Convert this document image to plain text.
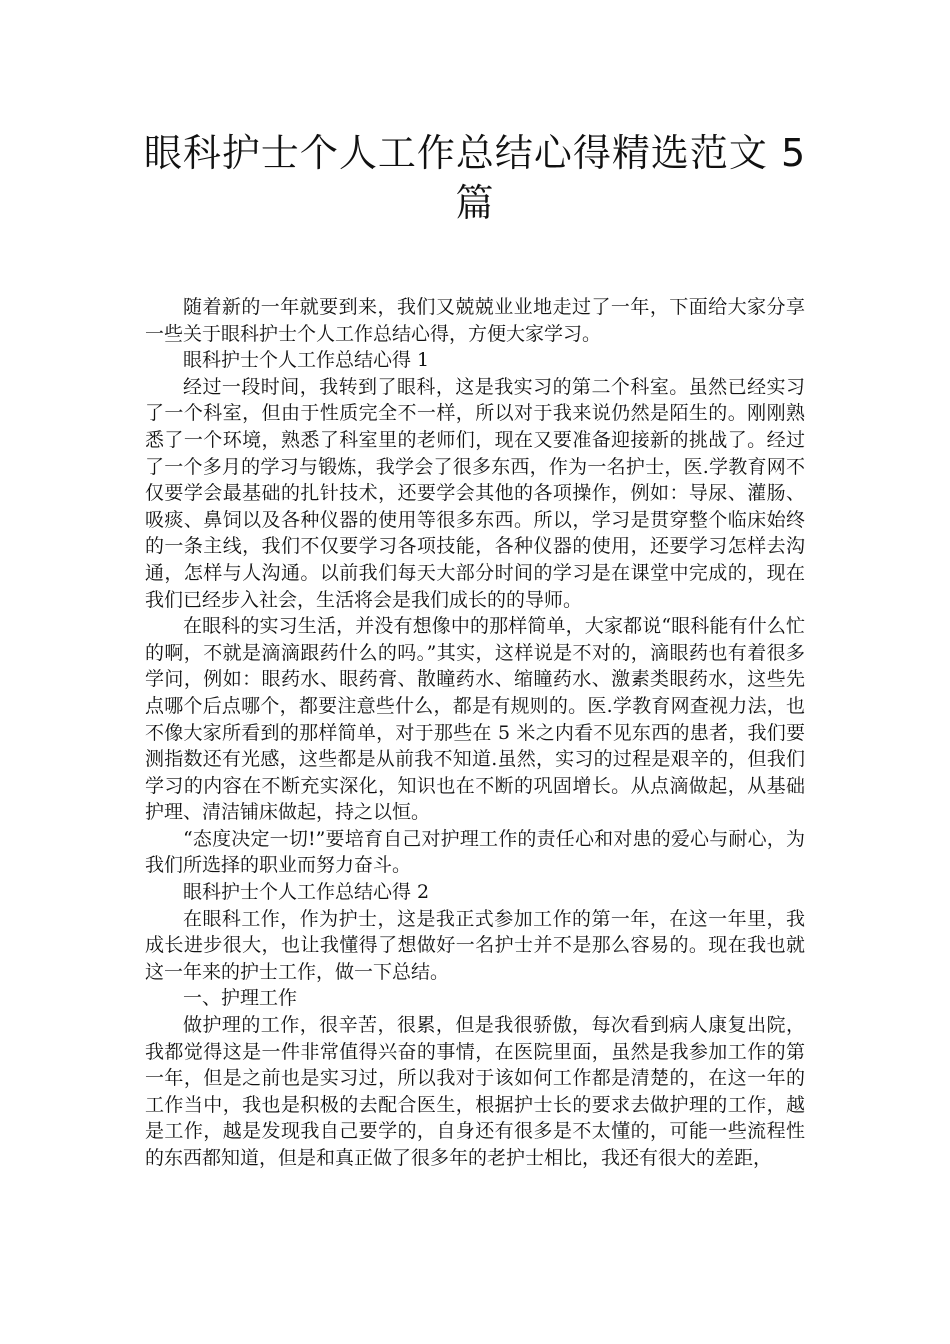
眼科护士个人工作总结心得精选范文 5 篇

随着新的一年就要到来，我们又兢兢业业地走过了一年，下面给大家分享一些关于眼科护士个人工作总结心得，方便大家学习。

眼科护士个人工作总结心得 1

经过一段时间，我转到了眼科，这是我实习的第二个科室。虽然已经实习了一个科室，但由于性质完全不一样，所以对于我来说仍然是陌生的。刚刚熟悉了一个环境，熟悉了科室里的老师们，现在又要准备迎接新的挑战了。经过了一个多月的学习与锻炼，我学会了很多东西，作为一名护士，医.学教育网不仅要学会最基础的扎针技术，还要学会其他的各项操作，例如：导尿、灌肠、吸痰、鼻饲以及各种仪器的使用等很多东西。所以，学习是贯穿整个临床始终的一条主线，我们不仅要学习各项技能，各种仪器的使用，还要学习怎样去沟通，怎样与人沟通。以前我们每天大部分时间的学习是在课堂中完成的，现在我们已经步入社会，生活将会是我们成长的的导师。

在眼科的实习生活，并没有想像中的那样简单，大家都说“眼科能有什么忙的啊，不就是滴滴跟药什么的吗。”其实，这样说是不对的，滴眼药也有着很多学问，例如：眼药水、眼药膏、散瞳药水、缩瞳药水、激素类眼药水，这些先点哪个后点哪个，都要注意些什么，都是有规则的。医.学教育网查视力法，也不像大家所看到的那样简单，对于那些在 5 米之内看不见东西的患者，我们要测指数还有光感，这些都是从前我不知道.虽然，实习的过程是艰辛的，但我们学习的内容在不断充实深化，知识也在不断的巩固增长。从点滴做起，从基础护理、清洁铺床做起，持之以恒。

“态度决定一切!”要培育自己对护理工作的责任心和对患的爱心与耐心，为我们所选择的职业而努力奋斗。

眼科护士个人工作总结心得 2

在眼科工作，作为护士，这是我正式参加工作的第一年，在这一年里，我成长进步很大，也让我懂得了想做好一名护士并不是那么容易的。现在我也就这一年来的护士工作，做一下总结。

一、护理工作

做护理的工作，很辛苦，很累，但是我很骄傲，每次看到病人康复出院，我都觉得这是一件非常值得兴奋的事情，在医院里面，虽然是我参加工作的第一年，但是之前也是实习过，所以我对于该如何工作都是清楚的，在这一年的工作当中，我也是积极的去配合医生，根据护士长的要求去做护理的工作，越是工作，越是发现我自己要学的，自身还有很多是不太懂的，可能一些流程性的东西都知道，但是和真正做了很多年的老护士相比，我还有很大的差距，
